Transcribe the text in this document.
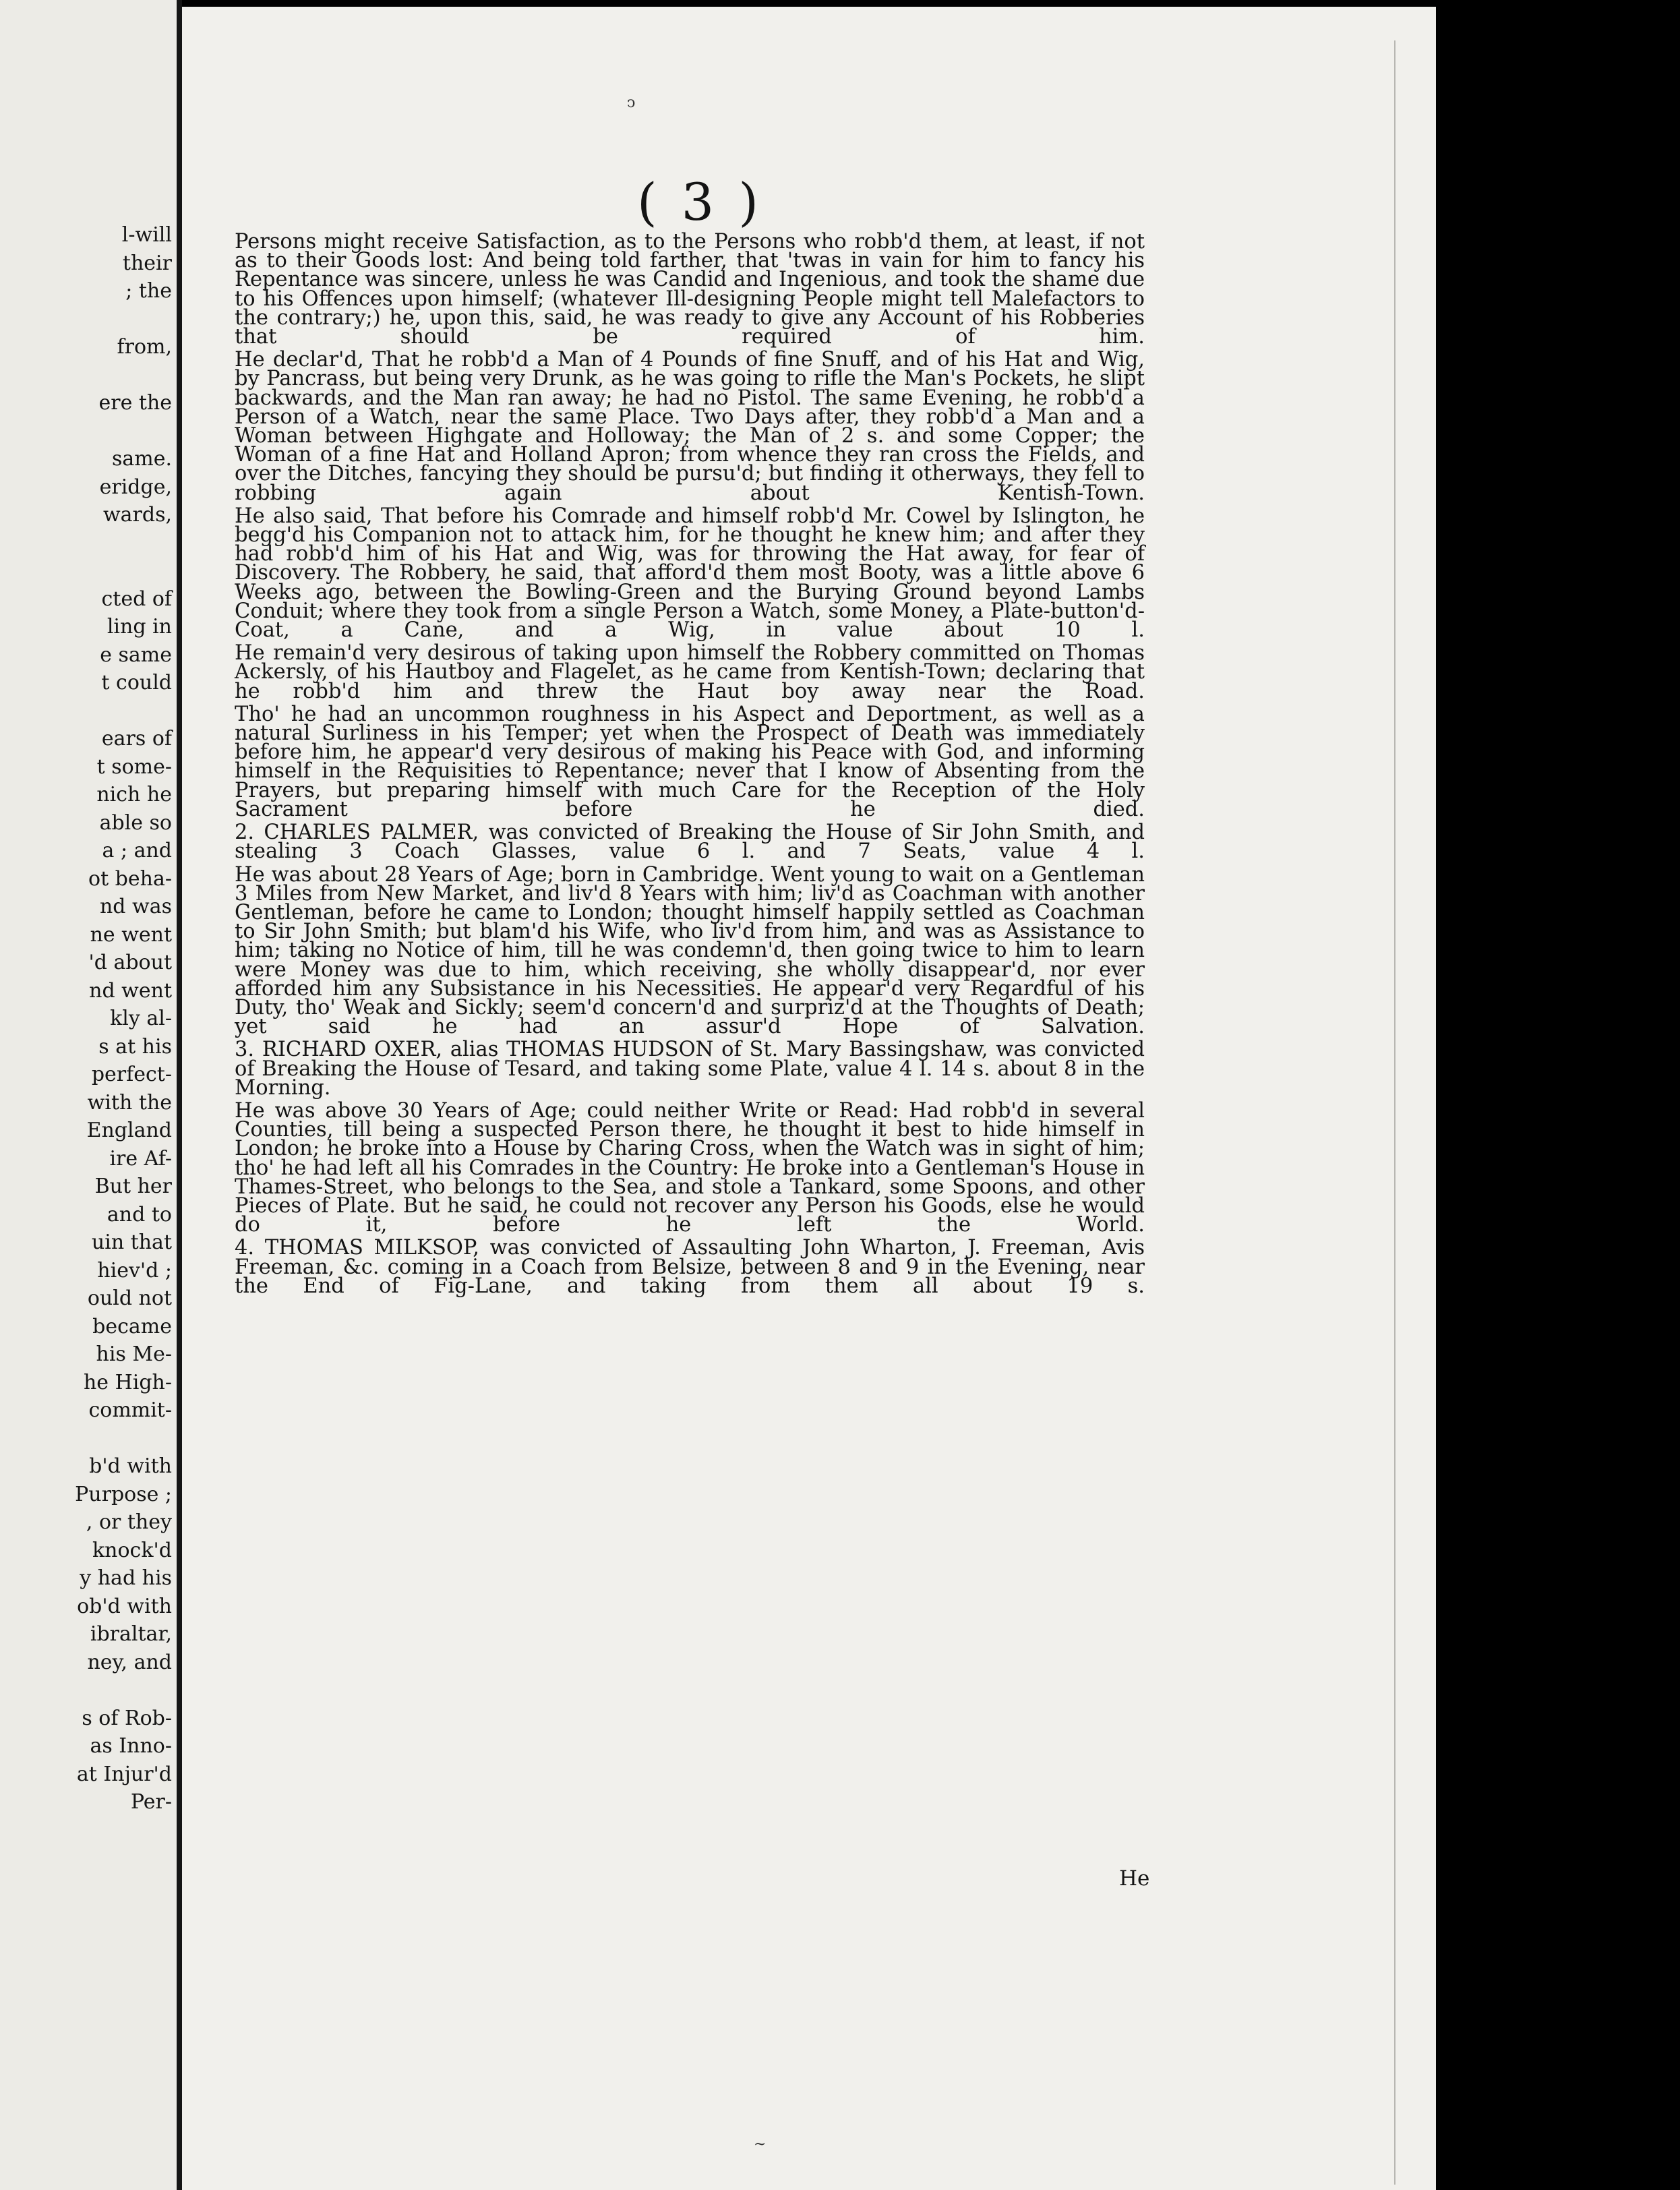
l-will
their
; the
from,
ere the
same.
eridge,
wards,
cted of
ling in
e same
t could
ears of
t some-
nich he
able so
a ; and
ot beha-
nd was
ne went
'd about
nd went
kly al-
s at his
perfect-
with the
England
ire Af-
But her
and to
uin that
hiev'd ;
ould not
became
his Me-
he High-
commit-
b'd with
Purpose ;
, or they
knock'd
y had his
ob'd with
ibraltar,
ney, and
s of Rob-
as Inno-
at Injur'd
Per-
( 3 )

Persons might receive Satisfaction, as to the Persons who robb'd them, at least, if not as to their Goods lost: And being told farther, that 'twas in vain for him to fancy his Repentance was sincere, unless he was Candid and Ingenious, and took the shame due to his Offences upon himself; (whatever Ill-designing People might tell Malefactors to the contrary;) he, upon this, said, he was ready to give any Account of his Robberies that should be required of him.

He declar'd, That he robb'd a Man of 4 Pounds of fine Snuff, and of his Hat and Wig, by Pancrass, but being very Drunk, as he was going to rifle the Man's Pockets, he slipt backwards, and the Man ran away; he had no Pistol. The same Evening, he robb'd a Person of a Watch, near the same Place. Two Days after, they robb'd a Man and a Woman between Highgate and Holloway; the Man of 2 s. and some Copper; the Woman of a fine Hat and Holland Apron; from whence they ran cross the Fields, and over the Ditches, fancying they should be pursu'd; but finding it otherways, they fell to robbing again about Kentish-Town.

He also said, That before his Comrade and himself robb'd Mr. Cowel by Islington, he begg'd his Companion not to attack him, for he thought he knew him; and after they had robb'd him of his Hat and Wig, was for throwing the Hat away, for fear of Discovery. The Robbery, he said, that afford'd them most Booty, was a little above 6 Weeks ago, between the Bowling-Green and the Burying Ground beyond Lambs Conduit; where they took from a single Person a Watch, some Money, a Plate-button'd-Coat, a Cane, and a Wig, in value about 10 l.

He remain'd very desirous of taking upon himself the Robbery committed on Thomas Ackersly, of his Hautboy and Flagelet, as he came from Kentish-Town; declaring that he robb'd him and threw the Haut boy away near the Road.

Tho' he had an uncommon roughness in his Aspect and Deportment, as well as a natural Surliness in his Temper; yet when the Prospect of Death was immediately before him, he appear'd very desirous of making his Peace with God, and informing himself in the Requisities to Repentance; never that I know of Absenting from the Prayers, but preparing himself with much Care for the Reception of the Holy Sacrament before he died.

2. CHARLES PALMER, was convicted of Breaking the House of Sir John Smith, and stealing 3 Coach Glasses, value 6 l. and 7 Seats, value 4 l.

He was about 28 Years of Age; born in Cambridge. Went young to wait on a Gentleman 3 Miles from New Market, and liv'd 8 Years with him; liv'd as Coachman with another Gentleman, before he came to London; thought himself happily settled as Coachman to Sir John Smith; but blam'd his Wife, who liv'd from him, and was as Assistance to him; taking no Notice of him, till he was condemn'd, then going twice to him to learn were Money was due to him, which receiving, she wholly disappear'd, nor ever afforded him any Subsistance in his Necessities. He appear'd very Regardful of his Duty, tho' Weak and Sickly; seem'd concern'd and surpriz'd at the Thoughts of Death; yet said he had an assur'd Hope of Salvation.

3. RICHARD OXER, alias THOMAS HUDSON of St. Mary Bassingshaw, was convicted of Breaking the House of Tesard, and taking some Plate, value 4 l. 14 s. about 8 in the Morning.

He was above 30 Years of Age; could neither Write or Read: Had robb'd in several Counties, till being a suspected Person there, he thought it best to hide himself in London; he broke into a House by Charing Cross, when the Watch was in sight of him; tho' he had left all his Comrades in the Country: He broke into a Gentleman's House in Thames-Street, who belongs to the Sea, and stole a Tankard, some Spoons, and other Pieces of Plate. But he said, he could not recover any Person his Goods, else he would do it, before he left the World.

4. THOMAS MILKSOP, was convicted of Assaulting John Wharton, J. Freeman, Avis Freeman, &c. coming in a Coach from Belsize, between 8 and 9 in the Evening, near the End of Fig-Lane, and taking from them all about 19 s.

He
ↄ
~
